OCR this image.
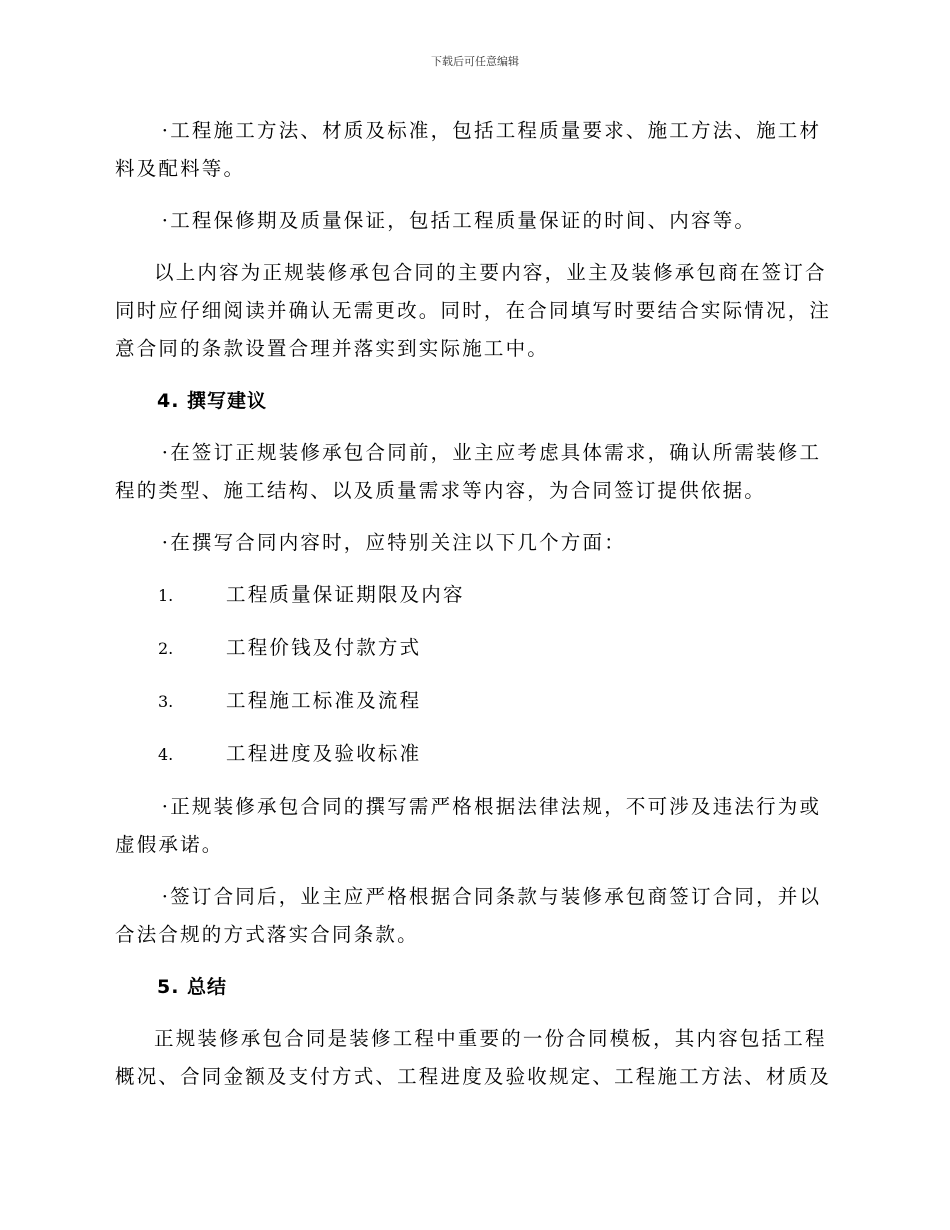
下载后可任意编辑

·工程施工方法、材质及标准，包括工程质量要求、施工方法、施工材料及配料等。

·工程保修期及质量保证，包括工程质量保证的时间、内容等。

以上内容为正规装修承包合同的主要内容，业主及装修承包商在签订合同时应仔细阅读并确认无需更改。同时，在合同填写时要结合实际情况，注意合同的条款设置合理并落实到实际施工中。

4. 撰写建议

·在签订正规装修承包合同前，业主应考虑具体需求，确认所需装修工程的类型、施工结构、以及质量需求等内容，为合同签订提供依据。

·在撰写合同内容时，应特别关注以下几个方面：

1.	工程质量保证期限及内容
2.	工程价钱及付款方式
3.	工程施工标准及流程
4.	工程进度及验收标准

·正规装修承包合同的撰写需严格根据法律法规，不可涉及违法行为或虚假承诺。

·签订合同后，业主应严格根据合同条款与装修承包商签订合同，并以合法合规的方式落实合同条款。

5. 总结

正规装修承包合同是装修工程中重要的一份合同模板，其内容包括工程概况、合同金额及支付方式、工程进度及验收规定、工程施工方法、材质及
